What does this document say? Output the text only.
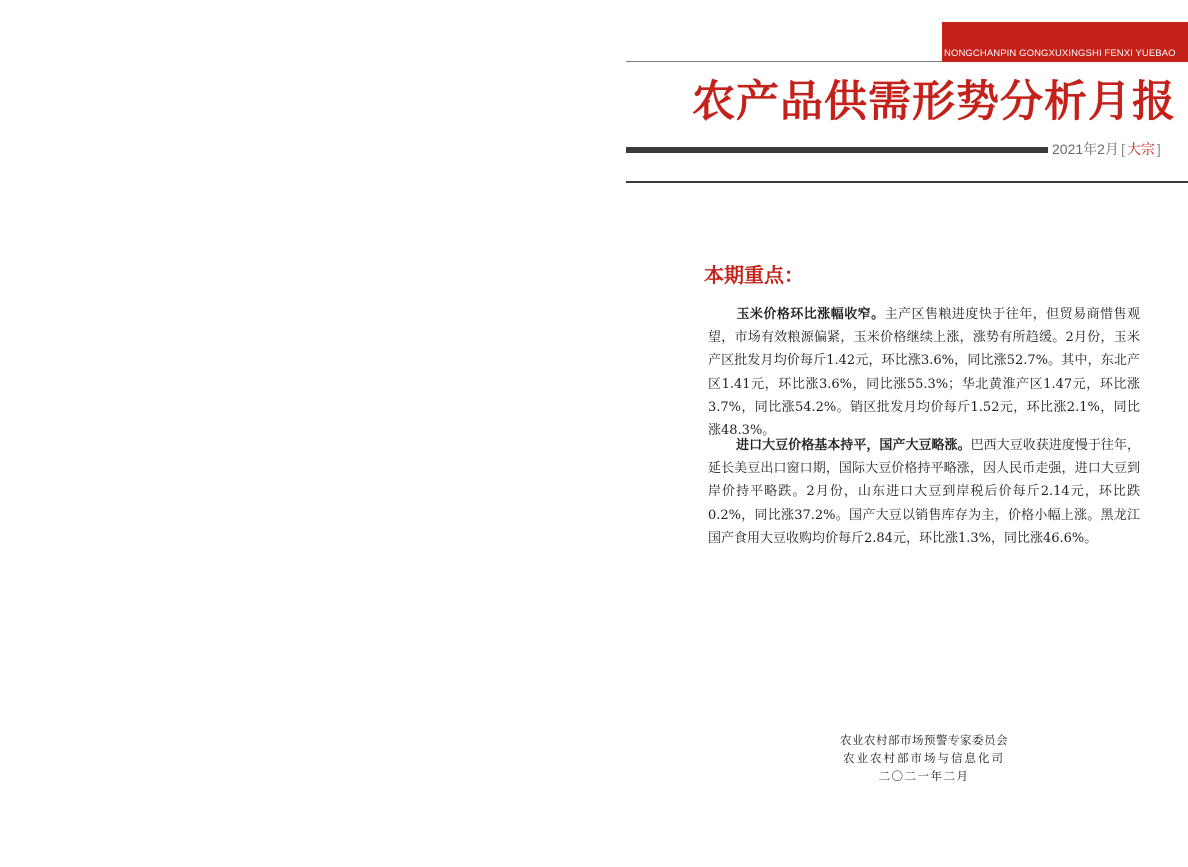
NONGCHANPIN GONGXUXINGSHI FENXI YUEBAO
农产品供需形势分析月报
2021年2月 [ 大宗 ]
本期重点：
玉米价格环比涨幅收窄。主产区售粮进度快于往年，但贸易商惜售观望，市场有效粮源偏紧，玉米价格继续上涨，涨势有所趋缓。2月份，玉米产区批发月均价每斤1.42元，环比涨3.6%，同比涨52.7%。其中，东北产区1.41元，环比涨3.6%，同比涨55.3%；华北黄淮产区1.47元，环比涨3.7%，同比涨54.2%。销区批发月均价每斤1.52元，环比涨2.1%，同比涨48.3%。
进口大豆价格基本持平，国产大豆略涨。巴西大豆收获进度慢于往年，延长美豆出口窗口期，国际大豆价格持平略涨，因人民币走强，进口大豆到岸价持平略跌。2月份，山东进口大豆到岸税后价每斤2.14元，环比跌0.2%，同比涨37.2%。国产大豆以销售库存为主，价格小幅上涨。黑龙江国产食用大豆收购均价每斤2.84元，环比涨1.3%，同比涨46.6%。
农业农村部市场预警专家委员会
农业农村部市场与信息化司
二〇二一年二月
